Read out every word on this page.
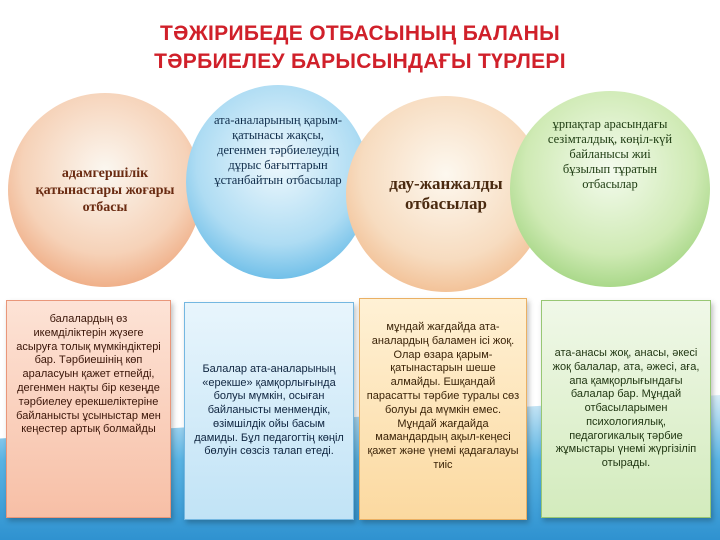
ТӘЖІРИБЕДЕ ОТБАСЫНЫҢ БАЛАНЫ
ТӘРБИЕЛЕУ БАРЫСЫНДАҒЫ ТҮРЛЕРІ
адамгершілік қатынастары жоғары отбасы
ата-аналарының қарым-қатынасы жақсы, дегенмен тәрбиелеудің дұрыс бағыттарын ұстанбайтын отбасылар	дау-жанжалды отбасылар
ұрпақтар арасындағы сезімталдық, көңіл-күй байланысы жиі бұзылып тұратын отбасылар
балалардың өз икемділіктерін жүзеге асыруға толық мүмкіндіктері бар. Тәрбиешінің көп араласуын қажет етпейді, дегенмен нақты бір кезеңде тәрбиелеу ерекшеліктеріне байланысты ұсыныстар мен кеңестер артық болмайды
Балалар ата-аналарының «ерекше» қамқорлығында болуы мүмкін, осыған байланысты менмендік, өзімшілдік ойы басым дамиды. Бұл педагогтің көңіл бөлуін сөзсіз талап етеді.
мұндай жағдайда ата-аналардың баламен ісі жоқ. Олар өзара қарым-қатынастарын шеше алмайды. Ешқандай парасатты тәрбие туралы сөз болуы да мүмкін емес. Мұндай жағдайда мамандардың ақыл-кеңесі қажет және үнемі қадағалауы тиіс
ата-анасы жоқ, анасы, әкесі жоқ балалар, ата, әжесі, аға, апа қамқорлығындағы балалар бар. Мұндай отбасыларымен психологиялық, педагогикалық тәрбие жұмыстары үнемі жүргізіліп отырады.
